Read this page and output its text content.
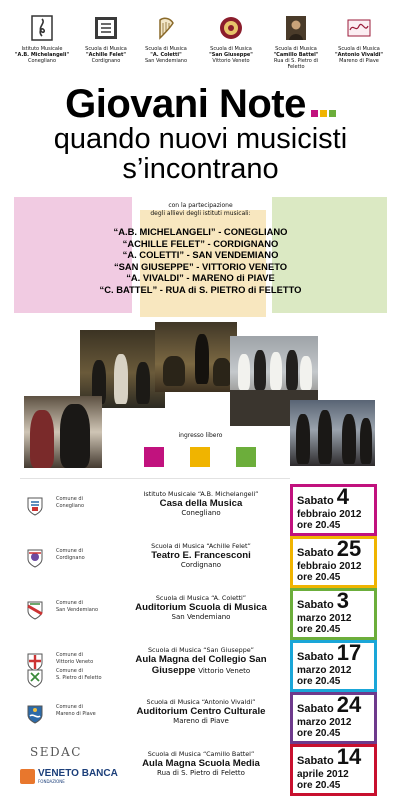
Istituto Musicale
"A.B. Michelangeli"
Conegliano
Scuola di Musica
"Achille Felet"
Cordignano
Scuola di Musica
"A. Coletti"
San Vendemiano
Scuola di Musica
"San Giuseppe"
Vittorio Veneto
Scuola di Musica
"Camillo Battel"
Rua di S. Pietro di Feletto
Scuola di Musica
"Antonio Vivaldi"
Mareno di Piave
Giovani Note
quando nuovi musicisti
s’incontrano
con la partecipazione
degli allievi degli istituti musicali:
“A.B. MICHELANGELI” - CONEGLIANO
“ACHILLE FELET” - CORDIGNANO
“A. COLETTI” - SAN VENDEMIANO
“SAN GIUSEPPE” - VITTORIO VENETO
“A. VIVALDI” - MARENO di PIAVE
“C. BATTEL” - RUA di S. PIETRO di FELETTO
ingresso libero
Comune di
Conegliano
Istituto Musicale “A.B. Michelangeli”
Casa della Musica
Conegliano
Sabato 4
febbraio 2012
ore 20.45
Comune di
Cordignano
Scuola di Musica “Achille Felet”
Teatro E. Francesconi
Cordignano
Sabato 25
febbraio 2012
ore 20.45
Comune di
San Vendemiano
Scuola di Musica “A. Coletti”
Auditorium Scuola di Musica
San Vendemiano
Sabato 3
marzo 2012
ore 20.45
Comune di
Vittorio Veneto
Scuola di Musica “San Giuseppe”
Aula Magna del Collegio San
Giuseppe Vittorio Veneto
Sabato 17
marzo 2012
ore 20.45
Comune di
Mareno di Piave
Scuola di Musica “Antonio Vivaldi”
Auditorium Centro Culturale
Mareno di Piave
Sabato 24
marzo 2012
ore 20.45
Comune di
S. Pietro di Feletto
Scuola di Musica “Camillo Battel”
Aula Magna Scuola Media
Rua di S. Pietro di Feletto
Sabato 14
aprile 2012
ore 20.45
SEDAC
VENETO BANCA
FONDAZIONE
